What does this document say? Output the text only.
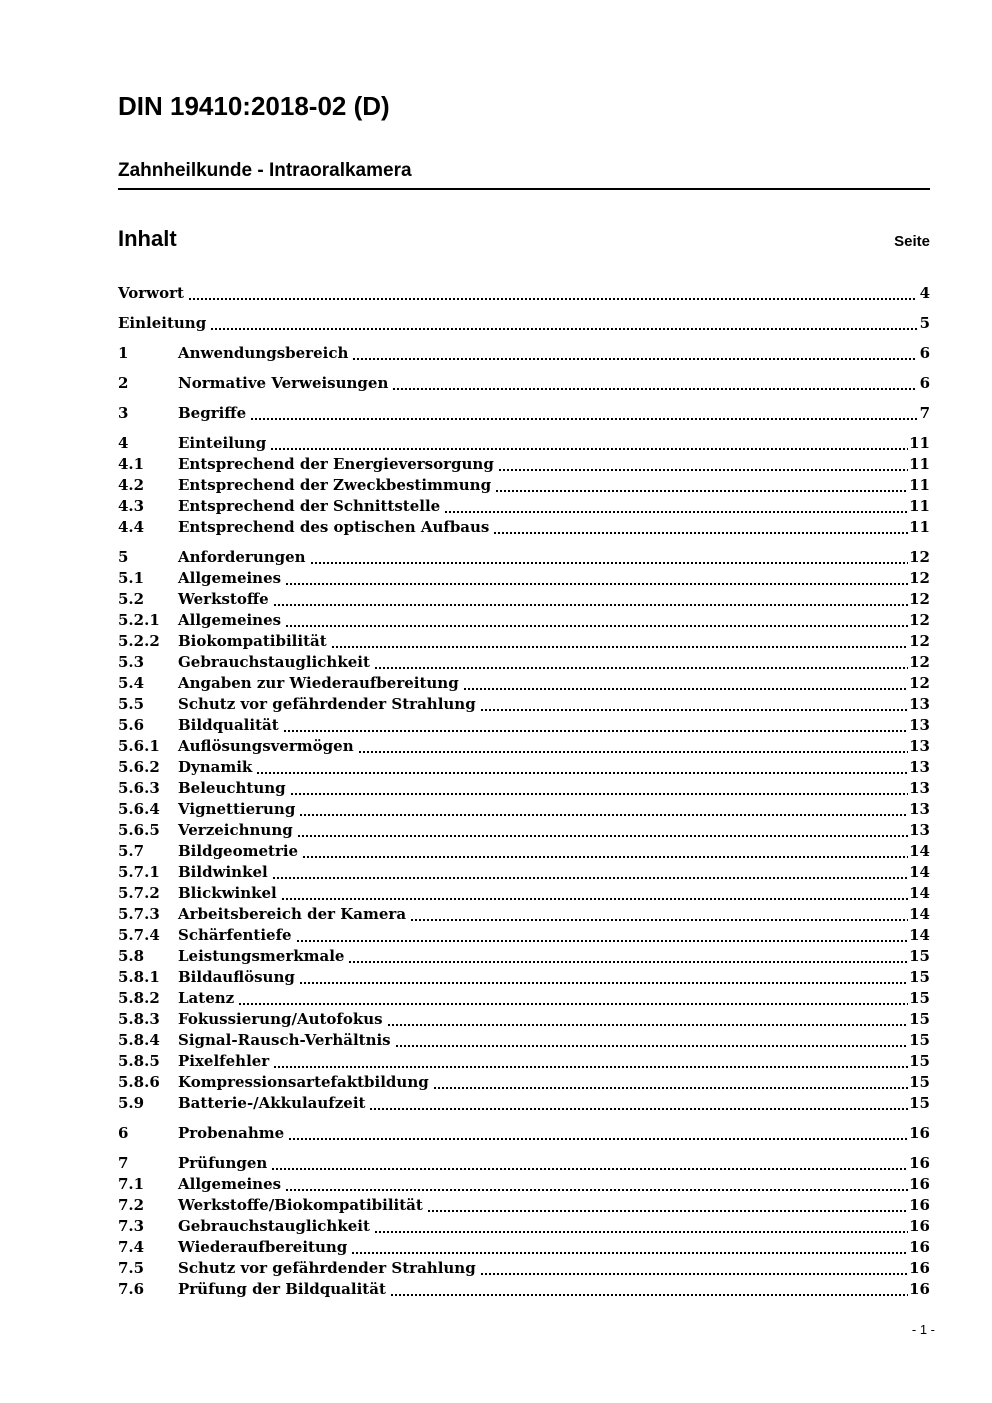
DIN 19410:2018-02 (D)
Zahnheilkunde - Intraoralkamera
Inhalt	Seite
Vorwort	4
Einleitung	5
1	Anwendungsbereich	6
2	Normative Verweisungen	6
3	Begriffe	7
4	Einteilung	11
4.1	Entsprechend der Energieversorgung	11
4.2	Entsprechend der Zweckbestimmung	11
4.3	Entsprechend der Schnittstelle	11
4.4	Entsprechend des optischen Aufbaus	11
5	Anforderungen	12
5.1	Allgemeines	12
5.2	Werkstoffe	12
5.2.1	Allgemeines	12
5.2.2	Biokompatibilität	12
5.3	Gebrauchstauglichkeit	12
5.4	Angaben zur Wiederaufbereitung	12
5.5	Schutz vor gefährdender Strahlung	13
5.6	Bildqualität	13
5.6.1	Auflösungsvermögen	13
5.6.2	Dynamik	13
5.6.3	Beleuchtung	13
5.6.4	Vignettierung	13
5.6.5	Verzeichnung	13
5.7	Bildgeometrie	14
5.7.1	Bildwinkel	14
5.7.2	Blickwinkel	14
5.7.3	Arbeitsbereich der Kamera	14
5.7.4	Schärfentiefe	14
5.8	Leistungsmerkmale	15
5.8.1	Bildauflösung	15
5.8.2	Latenz	15
5.8.3	Fokussierung/Autofokus	15
5.8.4	Signal-Rausch-Verhältnis	15
5.8.5	Pixelfehler	15
5.8.6	Kompressionsartefaktbildung	15
5.9	Batterie-/Akkulaufzeit	15
6	Probenahme	16
7	Prüfungen	16
7.1	Allgemeines	16
7.2	Werkstoffe/Biokompatibilität	16
7.3	Gebrauchstauglichkeit	16
7.4	Wiederaufbereitung	16
7.5	Schutz vor gefährdender Strahlung	16
7.6	Prüfung der Bildqualität	16
- 1 -
